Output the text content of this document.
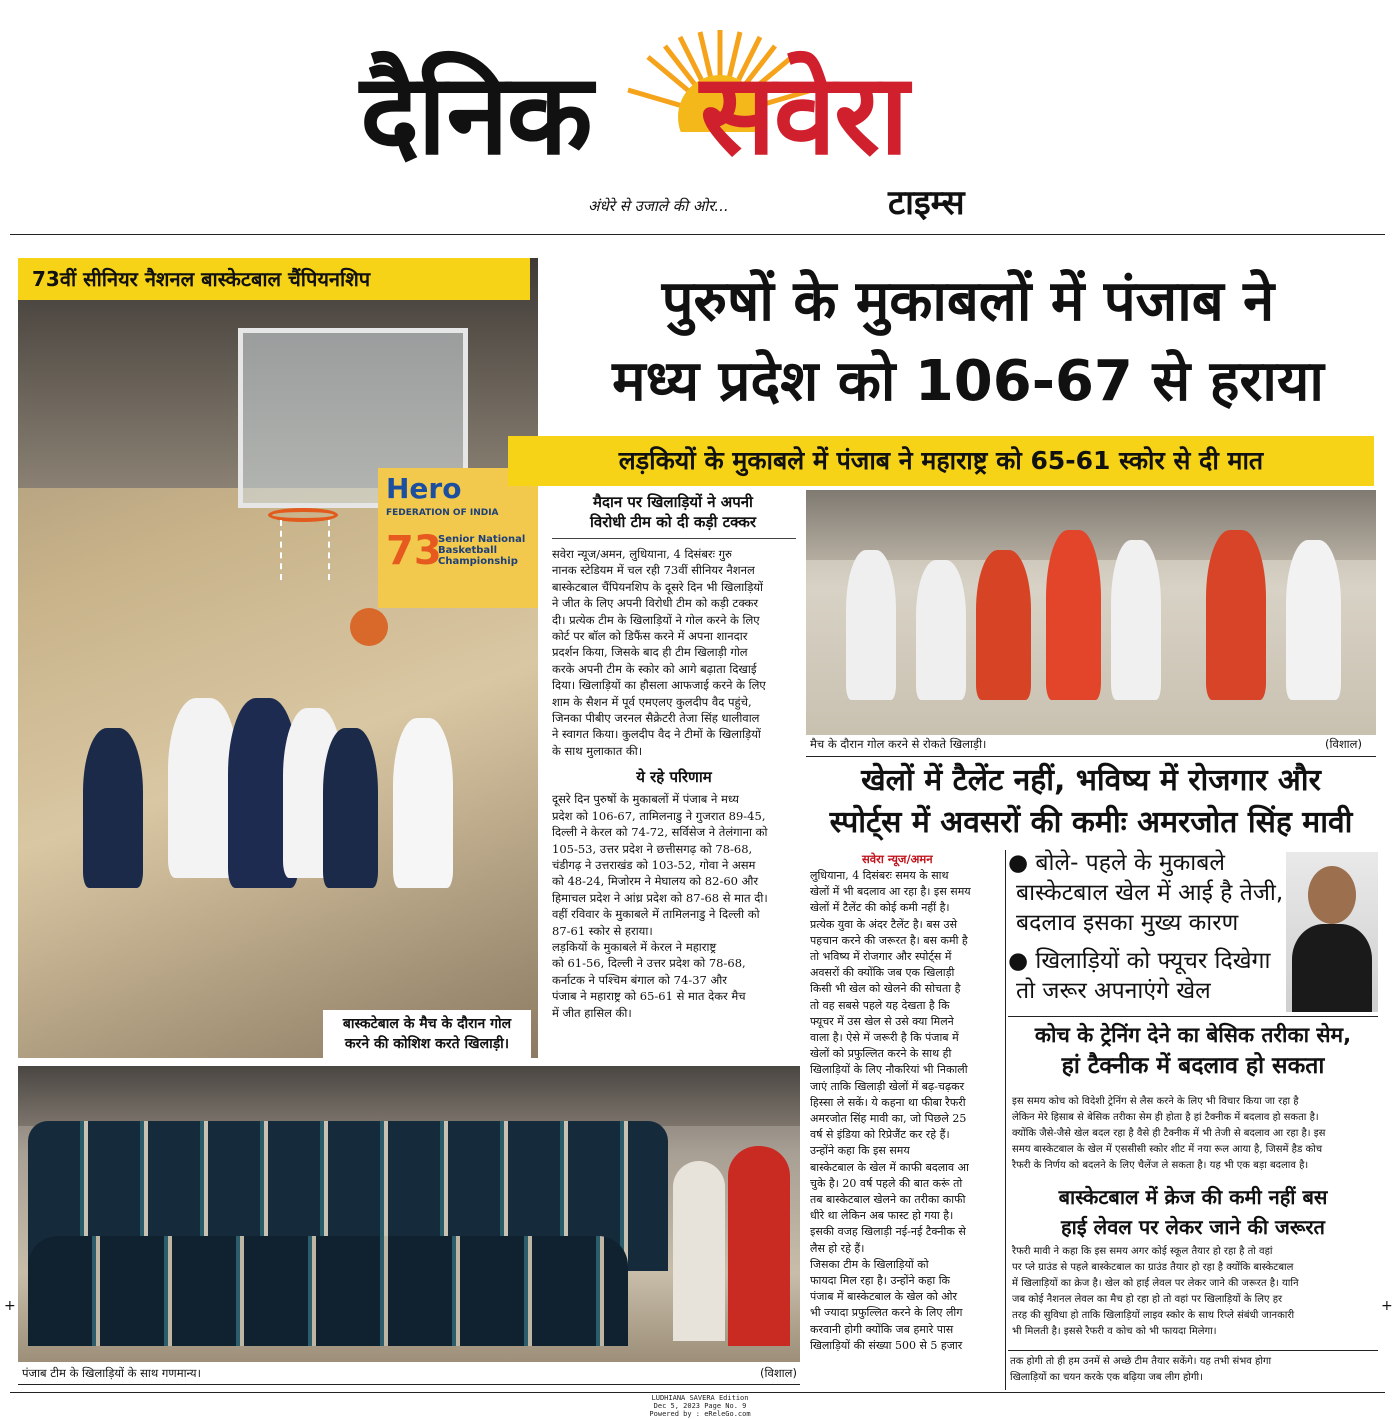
दैनिक सवेरा
अंधेरे से उजाले की ओर...	टाइम्स
Hero
FEDERATION OF INDIA
73
Senior National Basketball Championship
73वीं सीनियर नैशनल बास्केटबाल चैंपियनशिप
बास्कटेबाल के मैच के दौरान गोल
करने की कोशिश करते खिलाड़ी।
पुरुषों के मुकाबलों में पंजाब ने
मध्य प्रदेश को 106-67 से हराया
लड़कियों के मुकाबले में पंजाब ने महाराष्ट्र को 65-61 स्कोर से दी मात
मैदान पर खिलाड़ियों ने अपनी
विरोधी टीम को दी कड़ी टक्कर
सवेरा न्यूज/अमन, लुधियाना, 4 दिसंबरः गुरु
नानक स्टेडियम में चल रही 73वीं सीनियर नैशनल
बास्केटबाल चैंपियनशिप के दूसरे दिन भी खिलाड़ियों
ने जीत के लिए अपनी विरोधी टीम को कड़ी टक्कर
दी। प्रत्येक टीम के खिलाड़ियों ने गोल करने के लिए
कोर्ट पर बॉल को डिफैंस करने में अपना शानदार
प्रदर्शन किया, जिसके बाद ही टीम खिलाड़ी गोल
करके अपनी टीम के स्कोर को आगे बढ़ाता दिखाई
दिया। खिलाड़ियों का हौसला आफजाई करने के लिए
शाम के सैशन में पूर्व एमएलए कुलदीप वैद पहुंचे,
जिनका पीबीए जरनल सैक्रेटरी तेजा सिंह धालीवाल
ने स्वागत किया। कुलदीप वैद ने टीमों के खिलाड़ियों
के साथ मुलाकात की।
ये रहे परिणाम
दूसरे दिन पुरुषों के मुकाबलों में पंजाब ने मध्य
प्रदेश को 106-67, तामिलनाडु ने गुजरात 89-45,
दिल्ली ने केरल को 74-72, सर्विसेज ने तेलंगाना को
105-53, उत्तर प्रदेश ने छत्तीसगढ़ को 78-68,
चंडीगढ़ ने उत्तराखंड को 103-52, गोवा ने असम
को 48-24, मिजोरम ने मेघालय को 82-60 और
हिमाचल प्रदेश ने आंध्र प्रदेश को 87-68 से मात दी।
वहीं रविवार के मुकाबले में तामिलनाडु ने दिल्ली को
87-61 स्कोर से हराया।
लड़कियों के मुकाबले में केरल ने महाराष्ट्र
को 61-56, दिल्ली ने उत्तर प्रदेश को 78-68,
कर्नाटक ने पश्चिम बंगाल को 74-37 और
पंजाब ने महाराष्ट्र को 65-61 से मात देकर मैच
में जीत हासिल की।
मैच के दौरान गोल करने से रोकते खिलाड़ी।	(विशाल)
खेलों में टैलेंट नहीं, भविष्य में रोजगार और
स्पोर्ट्स में अवसरों की कमीः अमरजोत सिंह मावी
● बोले- पहले के मुकाबले
बास्केटबाल खेल में आई है तेजी,
बदलाव इसका मुख्य कारण
● खिलाड़ियों को फ्यूचर दिखेगा
तो जरूर अपनाएंगे खेल
सवेरा न्यूज/अमन
लुधियाना, 4 दिसंबरः समय के साथ
खेलों में भी बदलाव आ रहा है। इस समय
खेलों में टैलेंट की कोई कमी नहीं है।
प्रत्येक युवा के अंदर टैलेंट है। बस उसे
पहचान करने की जरूरत है। बस कमी है
तो भविष्य में रोजगार और स्पोर्ट्स में
अवसरों की क्योंकि जब एक खिलाड़ी
किसी भी खेल को खेलने की सोचता है
तो वह सबसे पहले यह देखता है कि
फ्यूचर में उस खेल से उसे क्या मिलने
वाला है। ऐसे में जरूरी है कि पंजाब में
खेलों को प्रफुल्लित करने के साथ ही
खिलाड़ियों के लिए नौकरियां भी निकाली
जाएं ताकि खिलाड़ी खेलों में बढ़-चढ़कर
हिस्सा ले सकें। ये कहना था फीबा रैफरी
अमरजोत सिंह मावी का, जो पिछले 25
वर्ष से इंडिया को रिप्रेजैंट कर रहे हैं।
उन्होंने कहा कि इस समय
बास्केटबाल के खेल में काफी बदलाव आ
चुके है। 20 वर्ष पहले की बात करूं तो
तब बास्केटबाल खेलने का तरीका काफी
धीरे था लेकिन अब फास्ट हो गया है।
इसकी वजह खिलाड़ी नई-नई टैक्नीक से
लैस हो रहे हैं।
जिसका टीम के खिलाड़ियों को
फायदा मिल रहा है। उन्होंने कहा कि
पंजाब में बास्केटबाल के खेल को ओर
भी ज्यादा प्रफुल्लित करने के लिए लीग
करवानी होगी क्योंकि जब हमारे पास
खिलाड़ियों की संख्या 500 से 5 हजार
कोच के ट्रेनिंग देने का बेसिक तरीका सेम,
हां टैक्नीक में बदलाव हो सकता
इस समय कोच को विदेशी ट्रेनिंग से लैस करने के लिए भी विचार किया जा रहा है
लेकिन मेरे हिसाब से बेसिक तरीका सेम ही होता है हां टैक्नीक में बदलाव हो सकता है।
क्योंकि जैसे-जैसे खेल बदल रहा है वैसे ही टैक्नीक में भी तेजी से बदलाव आ रहा है। इस
समय बास्केटबाल के खेल में एससीसी स्कोर शीट में नया रूल आया है, जिसमें हैड कोच
रैफरी के निर्णय को बदलने के लिए चैलेंज ले सकता है। यह भी एक बड़ा बदलाव है।
बास्केटबाल में क्रेज की कमी नहीं बस
हाई लेवल पर लेकर जाने की जरूरत
रैफरी मावी ने कहा कि इस समय अगर कोई स्कूल तैयार हो रहा है तो वहां
पर प्ले ग्राउंड से पहले बास्केटबाल का ग्राउंड तैयार हो रहा है क्योंकि बास्केटबाल
में खिलाड़ियों का क्रेज है। खेल को हाई लेवल पर लेकर जाने की जरूरत है। यानि
जब कोई नैशनल लेवल का मैच हो रहा हो तो वहां पर खिलाड़ियों के लिए हर
तरह की सुविधा हो ताकि खिलाड़ियों लाइव स्कोर के साथ रिप्ले संबंधी जानकारी
भी मिलती है। इससे रैफरी व कोच को भी फायदा मिलेगा।
तक होगी तो ही हम उनमें से अच्छे टीम तैयार सकेंगे। यह तभी संभव होगा
खिलाड़ियों का चयन करके एक बढ़िया जब लीग होगी।
पंजाब टीम के खिलाड़ियों के साथ गणमान्य।	(विशाल)
+	+
LUDHIANA SAVERA Edition
Dec 5, 2023 Page No. 9
Powered by : eReleGo.com
